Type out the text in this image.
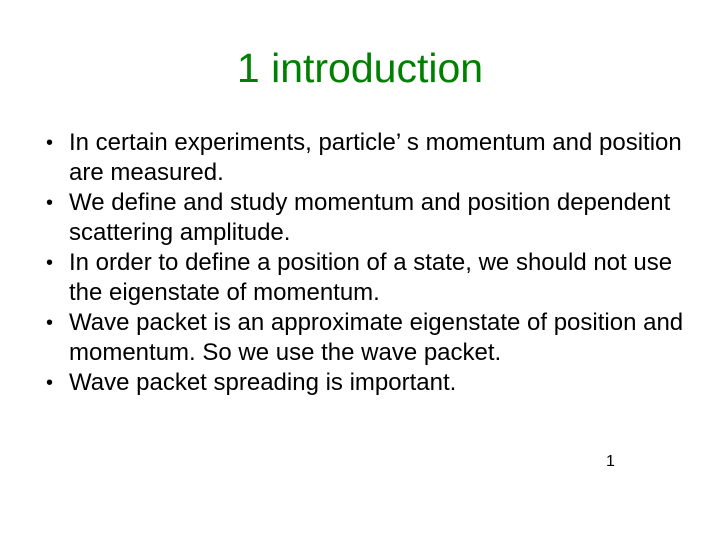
1 introduction
• In certain experiments, particle’ s momentum and position are measured.
• We define and study momentum and position dependent scattering amplitude.
• In order to define a position of a state, we should not use the eigenstate of momentum.
• Wave packet is an approximate eigenstate of position and momentum. So we use the wave packet.
• Wave packet spreading is important.
1
